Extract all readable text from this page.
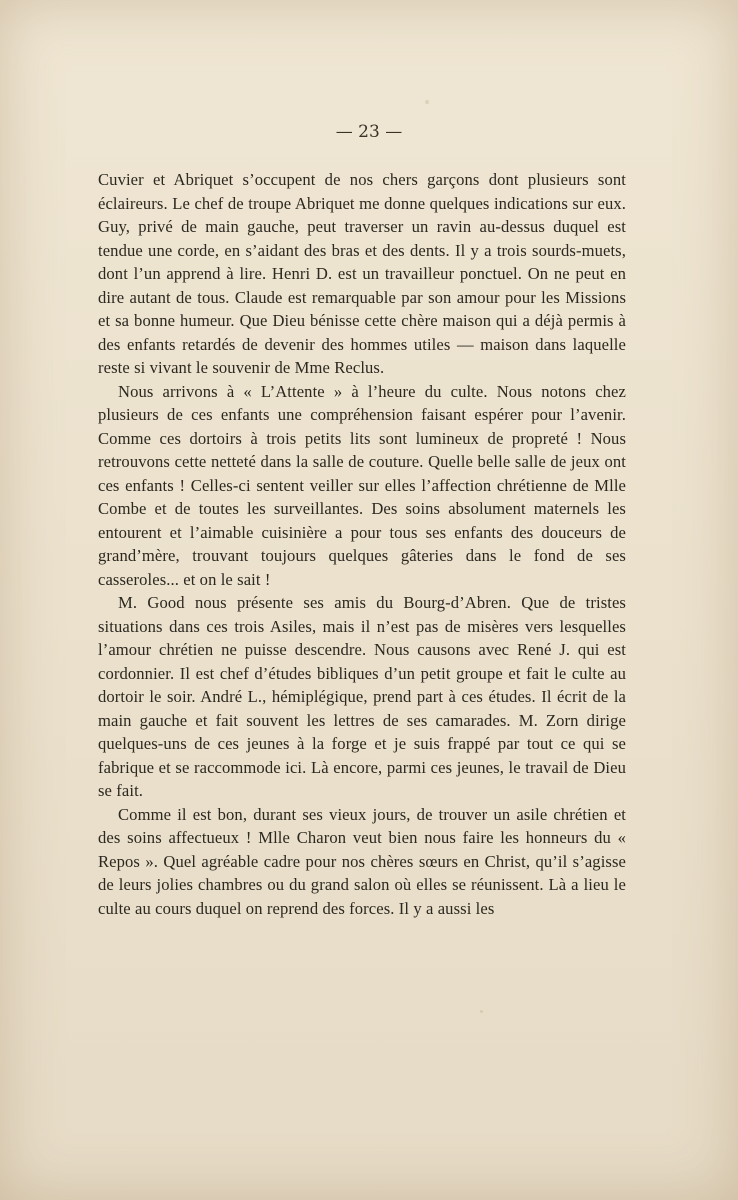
— 23 —

Cuvier et Abriquet s’occupent de nos chers garçons dont plusieurs sont éclaireurs. Le chef de troupe Abriquet me donne quelques indications sur eux. Guy, privé de main gauche, peut traverser un ravin au-dessus duquel est tendue une corde, en s’aidant des bras et des dents. Il y a trois sourds-muets, dont l’un apprend à lire. Henri D. est un travailleur ponctuel. On ne peut en dire autant de tous. Claude est remarquable par son amour pour les Missions et sa bonne humeur. Que Dieu bénisse cette chère maison qui a déjà permis à des enfants retardés de devenir des hommes utiles — maison dans laquelle reste si vivant le souvenir de Mme Reclus.

Nous arrivons à « L’Attente » à l’heure du culte. Nous notons chez plusieurs de ces enfants une compréhension faisant espérer pour l’avenir. Comme ces dortoirs à trois petits lits sont lumineux de propreté ! Nous retrouvons cette netteté dans la salle de couture. Quelle belle salle de jeux ont ces enfants ! Celles-ci sentent veiller sur elles l’affection chrétienne de Mlle Combe et de toutes les surveillantes. Des soins absolument maternels les entourent et l’aimable cuisinière a pour tous ses enfants des douceurs de grand’mère, trouvant toujours quelques gâteries dans le fond de ses casseroles... et on le sait !

M. Good nous présente ses amis du Bourg-d’Abren. Que de tristes situations dans ces trois Asiles, mais il n’est pas de misères vers lesquelles l’amour chrétien ne puisse descendre. Nous causons avec René J. qui est cordonnier. Il est chef d’études bibliques d’un petit groupe et fait le culte au dortoir le soir. André L., hémiplégique, prend part à ces études. Il écrit de la main gauche et fait souvent les lettres de ses camarades. M. Zorn dirige quelques-uns de ces jeunes à la forge et je suis frappé par tout ce qui se fabrique et se raccommode ici. Là encore, parmi ces jeunes, le travail de Dieu se fait.

Comme il est bon, durant ses vieux jours, de trouver un asile chrétien et des soins affectueux ! Mlle Charon veut bien nous faire les honneurs du « Repos ». Quel agréable cadre pour nos chères sœurs en Christ, qu’il s’agisse de leurs jolies chambres ou du grand salon où elles se réunissent. Là a lieu le culte au cours duquel on reprend des forces. Il y a aussi les
